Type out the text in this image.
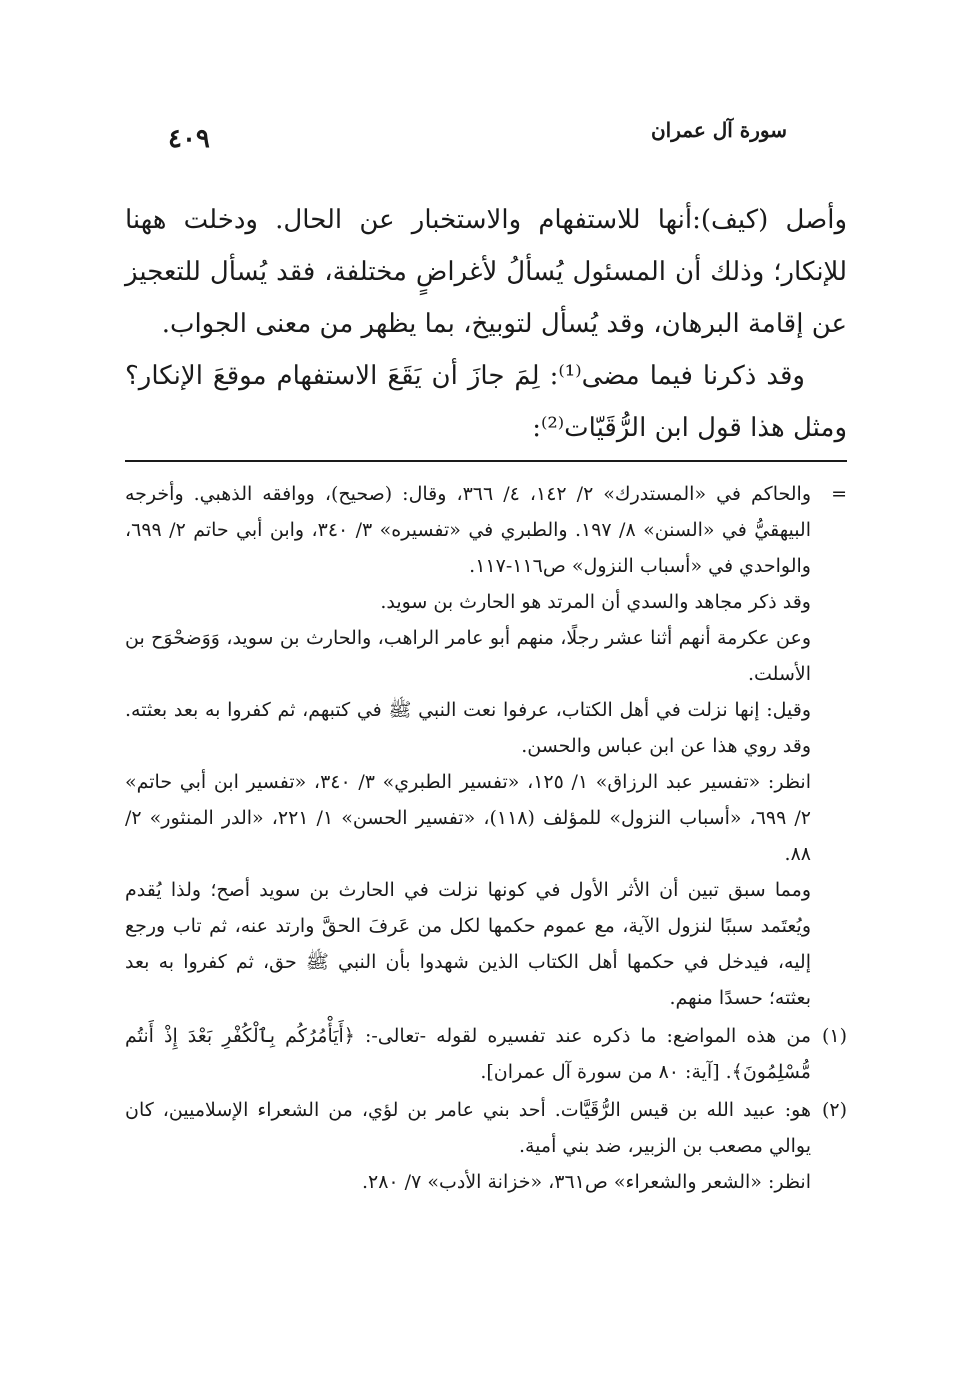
سورة آل عمران
٤٠٩

وأصل (كيف):أنها للاستفهام والاستخبار عن الحال. ودخلت ههنا للإنكار؛ وذلك أن المسئول يُسألُ لأغراضٍ مختلفة، فقد يُسأل للتعجيز عن إقامة البرهان، وقد يُسأل لتوبيخ، بما يظهر من معنى الجواب.

وقد ذكرنا فيما مضى⁽¹⁾: لِمَ جازَ أن يَقَعَ الاستفهام موقعَ الإنكار؟ ومثل هذا قول ابن الرُّقَيّات⁽²⁾:

=

والحاكم في «المستدرك» ٢/ ١٤٢، ٤/ ٣٦٦، وقال: (صحيح)، ووافقه الذهبي. وأخرجه البيهقيُّ في «السنن» ٨/ ١٩٧. والطبري في «تفسيره» ٣/ ٣٤٠، وابن أبي حاتم ٢/ ٦٩٩، والواحدي في «أسباب النزول» ص١١٦-١١٧.

وقد ذكر مجاهد والسدي أن المرتد هو الحارث بن سويد.

وعن عكرمة أنهم أثنا عشر رجلًا، منهم أبو عامر الراهب، والحارث بن سويد، وَوَضحْوَح بن الأسلت.

وقيل: إنها نزلت في أهل الكتاب، عرفوا نعت النبي ﷺ في كتبهم، ثم كفروا به بعد بعثته. وقد روي هذا عن ابن عباس والحسن.

انظر: «تفسير عبد الرزاق» ١/ ١٢٥، «تفسير الطبري» ٣/ ٣٤٠، «تفسير ابن أبي حاتم» ٢/ ٦٩٩، «أسباب النزول» للمؤلف (١١٨)، «تفسير الحسن» ١/ ٢٢١، «الدر المنثور» ٢/ ٨٨.

ومما سبق تبين أن الأثر الأول في كونها نزلت في الحارث بن سويد أصح؛ ولذا يُقدم ويُعتَمد سببًا لنزول الآية، مع عموم حكمها لكل من عَرفَ الحقَّ وارتد عنه، ثم تاب ورجع إليه، فيدخل في حكمها أهل الكتاب الذين شهدوا بأن النبي ﷺ حق، ثم كفروا به بعد بعثته؛ حسدًا منهم.

(١)

من هذه المواضع: ما ذكره عند تفسيره لقوله -تعالى-: ﴿أَيَأْمُرُكُم بِٱلْكُفْرِ بَعْدَ إِذْ أَنتُم مُّسْلِمُونَ﴾. [آية: ٨٠ من سورة آل عمران].

(٢)

هو: عبيد الله بن قيس الرُّقَيَّات. أحد بني عامر بن لؤي، من الشعراء الإسلاميين، كان يوالي مصعب بن الزبير، ضد بني أمية.

انظر: «الشعر والشعراء» ص٣٦١، «خزانة الأدب» ٧/ ٢٨٠.
